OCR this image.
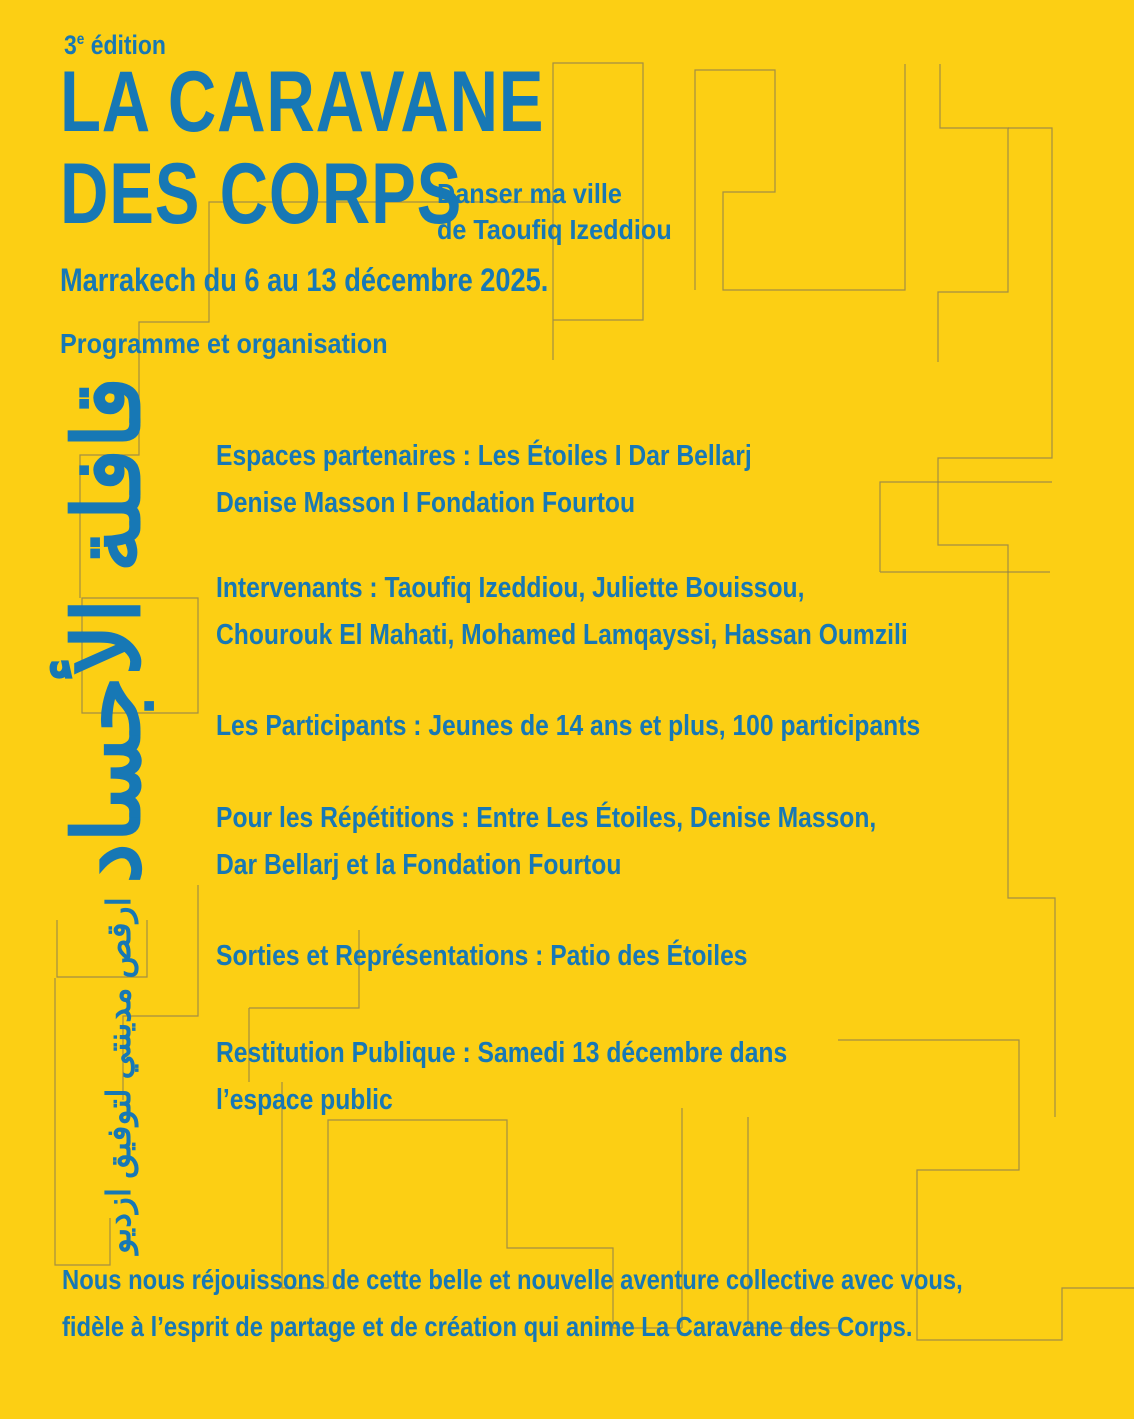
3e édition
LA CARAVANE
DES CORPS
Danser ma ville
de Taoufiq Izeddiou
Marrakech du 6 au 13 décembre 2025.
Programme et organisation
قافلة الأجساد
ارقص مدينتي لتوفيق ازديو
Espaces partenaires : Les Étoiles I Dar Bellarj
Denise Masson I Fondation Fourtou
Intervenants : Taoufiq Izeddiou, Juliette Bouissou,
Chourouk El Mahati, Mohamed Lamqayssi, Hassan Oumzili
Les Participants : Jeunes de 14 ans et plus, 100 participants
Pour les Répétitions : Entre Les Étoiles, Denise Masson,
Dar Bellarj et la Fondation Fourtou
Sorties et Représentations : Patio des Étoiles
Restitution Publique : Samedi 13 décembre dans
l’espace public
Nous nous réjouissons de cette belle et nouvelle aventure collective avec vous,
fidèle à l’esprit de partage et de création qui anime La Caravane des Corps.
